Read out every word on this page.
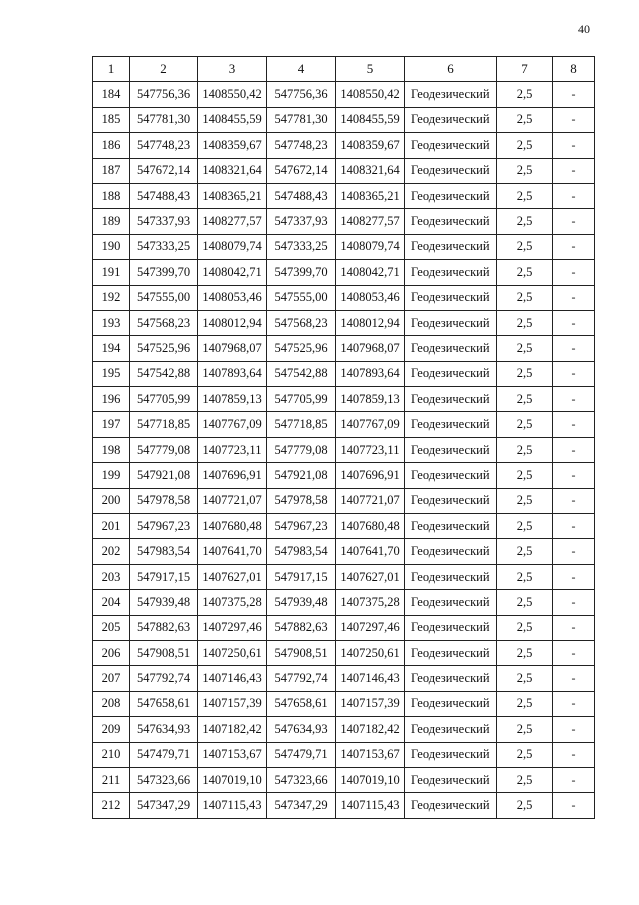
40
1	2	3	4	5	6	7	8
184	547756,36	1408550,42	547756,36	1408550,42	Геодезический	2,5	-
185	547781,30	1408455,59	547781,30	1408455,59	Геодезический	2,5	-
186	547748,23	1408359,67	547748,23	1408359,67	Геодезический	2,5	-
187	547672,14	1408321,64	547672,14	1408321,64	Геодезический	2,5	-
188	547488,43	1408365,21	547488,43	1408365,21	Геодезический	2,5	-
189	547337,93	1408277,57	547337,93	1408277,57	Геодезический	2,5	-
190	547333,25	1408079,74	547333,25	1408079,74	Геодезический	2,5	-
191	547399,70	1408042,71	547399,70	1408042,71	Геодезический	2,5	-
192	547555,00	1408053,46	547555,00	1408053,46	Геодезический	2,5	-
193	547568,23	1408012,94	547568,23	1408012,94	Геодезический	2,5	-
194	547525,96	1407968,07	547525,96	1407968,07	Геодезический	2,5	-
195	547542,88	1407893,64	547542,88	1407893,64	Геодезический	2,5	-
196	547705,99	1407859,13	547705,99	1407859,13	Геодезический	2,5	-
197	547718,85	1407767,09	547718,85	1407767,09	Геодезический	2,5	-
198	547779,08	1407723,11	547779,08	1407723,11	Геодезический	2,5	-
199	547921,08	1407696,91	547921,08	1407696,91	Геодезический	2,5	-
200	547978,58	1407721,07	547978,58	1407721,07	Геодезический	2,5	-
201	547967,23	1407680,48	547967,23	1407680,48	Геодезический	2,5	-
202	547983,54	1407641,70	547983,54	1407641,70	Геодезический	2,5	-
203	547917,15	1407627,01	547917,15	1407627,01	Геодезический	2,5	-
204	547939,48	1407375,28	547939,48	1407375,28	Геодезический	2,5	-
205	547882,63	1407297,46	547882,63	1407297,46	Геодезический	2,5	-
206	547908,51	1407250,61	547908,51	1407250,61	Геодезический	2,5	-
207	547792,74	1407146,43	547792,74	1407146,43	Геодезический	2,5	-
208	547658,61	1407157,39	547658,61	1407157,39	Геодезический	2,5	-
209	547634,93	1407182,42	547634,93	1407182,42	Геодезический	2,5	-
210	547479,71	1407153,67	547479,71	1407153,67	Геодезический	2,5	-
211	547323,66	1407019,10	547323,66	1407019,10	Геодезический	2,5	-
212	547347,29	1407115,43	547347,29	1407115,43	Геодезический	2,5	-
